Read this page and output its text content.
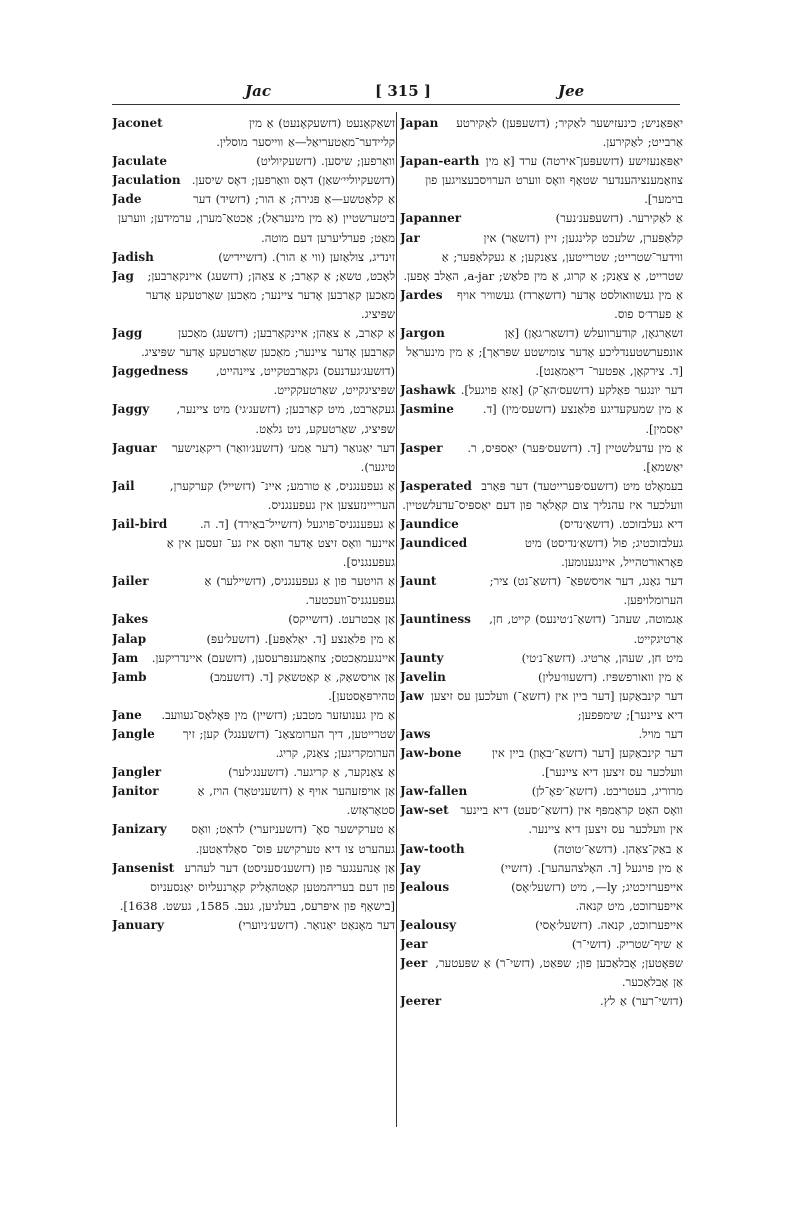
Jac	[ 315 ]	Jee

Jaconet	זשאַקאָנעט (דזשעקאָנעט) אַ מין קליידער־מאַטעריאַל—אַ ווייסער מוסלין.

Jaculate	וואַרפען; שיסען. (דזשעקיוליט)

Jaculation (דזשעקיוליי׳שאַן) דאָס וואַרפען; דאָס שיסען.

Jade	אַ קלאַטשע—אַ פּגירה; אַ הור; (דזשיד) דער ביטערשטיין (אַ מין מינעראַל); אַכטאַ־מערן, ערמידען; ווערען מאַט; פערליערען דעם מוטה.

Jadish	זינדיג, צולאַזען (ווי אַ הור). (דזשיידיש)

Jag	לאָכט, טשאַ; אַ קאַרב; אַ צאַהן; (דזשעג) איינקאַרבען; מאַכען קאַרבען אָדער ציינער; מאַכען שאַרטעקע אָדער שפּיציג.

Jagg	אַ קאַרב, אַ צאַהן; איינקאַרבען; (דזשעג) מאַכען קאַרבען אָדער ציינער; מאַכען שאַרטעקע אָדער שפּיציג.

Jaggedness	(דזשעג׳געדנעס) גקאַרבטקייט, ציינהייט, שפּיציגקייט, שאַרטעקקייט.

Jaggy	געקאַרבט, מיט קאַרבען; (דזשעג׳גי) מיט ציינער, שפּיציג, שאַרטעקע, ניט גלאַט.

Jaguar	דער יאַגואַר (דער אַמע׳ (דזשעג׳וואַר) ריקאַנישער טיגער).

Jail	אַ געפענגניס, אַ טורמע; איינ־ (דזשייל) קערקערן, הערייינזעצען אין געפענגניס.

Jail-bird	אַ געפענגניס־פויגעל (דזשייל־באַירד) [ד. ה. איינער וואָס זיצט אָדער וואָס איז גע־ זעסען אין אַ געפענגניס].

Jailer	אַ הויטער פון אַ געפענגניס, (דזשיילער) אַ געפענגניס־וועכטער.

Jakes	אַן אַבטרעט. (דזשייקס)

Jalap	אַ מין פלאַנצע [ד. יאַלאַפּע]. (דזשעל׳עפּ)

Jam	איינגעמאַכטס; צוזאַמענפּרעסען, (דזשעם) איינדריקען.

Jamb	אַן אויסשאַק, אַ קאַטשאַק [ד. (דזשעמב) טהירפּאָסטען].

Jane	אַ מין גענועזער מטבע; (דזשיין) מין פּאָלאָס־געוועב.

Jangle	שטרייטען, דיך הערומצאַנ־ (דזשענגל) קען; זיך הערומקריגען; צאַנק, קריג.

Jangler	אַ צאַנקער, אַ קריגער. (דזשענג׳לער)

Janitor	אַן אויפזעהער אויף אַ (דזשעניטאָר) הויז, אַ סטאָראָזש.

Janizary	אַ טערקישער סאָ־ (דזשעניזערי) לדאַט; וואָס געהערט צו דיא טערקישע פּוס־ סאָלדאַטען.

Jansenist אַן אַנהענגער פון (דזשענ׳סעניסט) דער לעהרע פון דעם בעריהמטען קאַטהאָליק קאָרנעליוס יאַנסעניוס [בישאָף פון איפּרעס, בעלגיען, געב. 1585, געשט. 1638].

January	דער מאָנאַט יאַנואַר. (דזשע׳ניוערי)

Japan	יאַפּאַניש; כינעזישער לאַקיר; (דזשעפּען) לאַקירטע אַרבייט; לאַקירען.

Japan-earth יאַפּאַנעזישע (דזשעפּען־אירטה) ערד [אַ מין צוזאַמענציהענדער שטאָף וואָס ווערט הערויסבעצויגען פון בוימער].

Japanner	אַ לאַקירער. (דזשעפּענ׳נער)

Jar	קלאַפּערן, שלעכט קלינגען; זיין (דזשאַר) אין ווידער־שטרייט; שטרייטען, צאַנקען; אַ געקלאַפּער; אַ שטרייט, אַ צאַנק; אַ קרוג, אַ מין פלאַש; a-jar, האַלב אָפען.

Jardes	אַ מין געשוואולסט אָדער (דזשאַרדז) געשוויר אויף אַ פערד׳ס פוס.

Jargon	זשאַרגאָן, קודערוועלש (דזשאַר׳גאָן) [אַן אונפערשטענדליכע אָדער צומישטע שפּראַך]; אַ מין מינעראַל [ד. צירקאָן, אַפּטער־ דיאַמאַנט].

Jashawk דער יונגער פאַלקע (דזשעס׳האָ־ק) [אַזאַ פויגעל].

Jasmine	אַ מין שמעקעדיגע פלאַנצע (דזשעס׳מין) [ד. יאַסמין].

Jasper	אַ מין עדעלשטיין [ד. (דזשעס׳פּער) יאַספּיס, ר. יאַשמאַ].

Jasperated בעמאָלט מיט (דזשעס׳פּערייטעד) דער פּאַרב וועלכער איז עהנליך צום קאָלאָר פון דעם יאַספּיס־עדעלשטיין.

Jaundice	דיא געלבזוכט. (דזשאַ׳נדיס)

Jaundiced	געלבזוכטיג; פול (דזשאַ׳נדיסט) מיט פאָראורטהייל, איינגענומען.

Jaunt	דער גאַנג, דער אויסשפּאַ־ (דזשאַ־נט) ציר; הערומלויפען.

Jauntiness	אַגמוטה, שעהנ־ (דזשאַ־נ׳טינעס) קייט, חן, אַרטיגקייט.

Jaunty	מיט חן, שעהן, אַרטיג. (דזשאַ־נ׳טי)

Javelin	אַ מין וואורפשפּיז. (דזשעוו׳עלין)

Jaw דער קינבאַקען [דער ביין אין (דזשאַ־) וועלכען עס זיצען דיא ציינער]; שימפּפען;

Jaws	דער מויל.

Jaw-bone	דער קינבאַקען [דער (דזשאַ־׳באָון) ביין אין וועלכער עס זיצען דיא ציינער].

Jaw-fallen	מרוריג, בעטריבט. (דזשאַ־׳פאָ־לן)

Jaw-set	וואָס האָט קראַמפּף אין (דזשאַ־׳סעט) דיא ביינער אין וועלכער עס זיצען דיא ציינער.

Jaw-tooth	אַ באַק־צאַהן. (דזשאַ־׳טוטה)

Jay	אַ מין פויגעל [ד. האָלצהעהער]. (דזשיי)

Jealous	אייפערזיכטיג; ly—, מיט (דזשעל׳אָס) אייפערזוכט, מיט קנאה.

Jealousy	אייפערזוכט, קנאה. (דזשעל׳אָסי)

Jear	אַ שיף־שטריק. (דזשי־ר)

Jeer שפּאָטען; אָבלאַכען פון; שפּאַט, (דזשי־ר) אַ שפּעטער, אַן אָבלאַכער.

Jeerer	(דזשי־רער) אַ לץ.
